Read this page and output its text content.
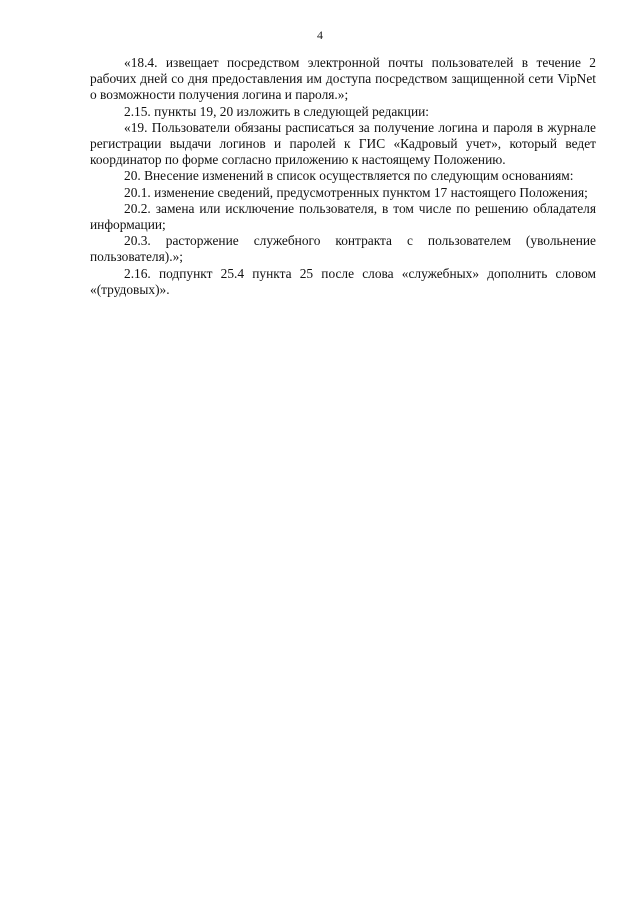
4

«18.4. извещает посредством электронной почты пользователей в течение 2 рабочих дней со дня предоставления им доступа посредством защищенной сети VipNet о возможности получения логина и пароля.»;

2.15. пункты 19, 20 изложить в следующей редакции:

«19. Пользователи обязаны расписаться за получение логина и пароля в журнале регистрации выдачи логинов и паролей к ГИС «Кадровый учет», который ведет координатор по форме согласно приложению к настоящему Положению.

20. Внесение изменений в список осуществляется по следующим основаниям:

20.1. изменение сведений, предусмотренных пунктом 17 настоящего Положения;

20.2. замена или исключение пользователя, в том числе по решению обладателя информации;

20.3. расторжение служебного контракта с пользователем (увольнение пользователя).»;

2.16. подпункт 25.4 пункта 25 после слова «служебных» дополнить словом «(трудовых)».
